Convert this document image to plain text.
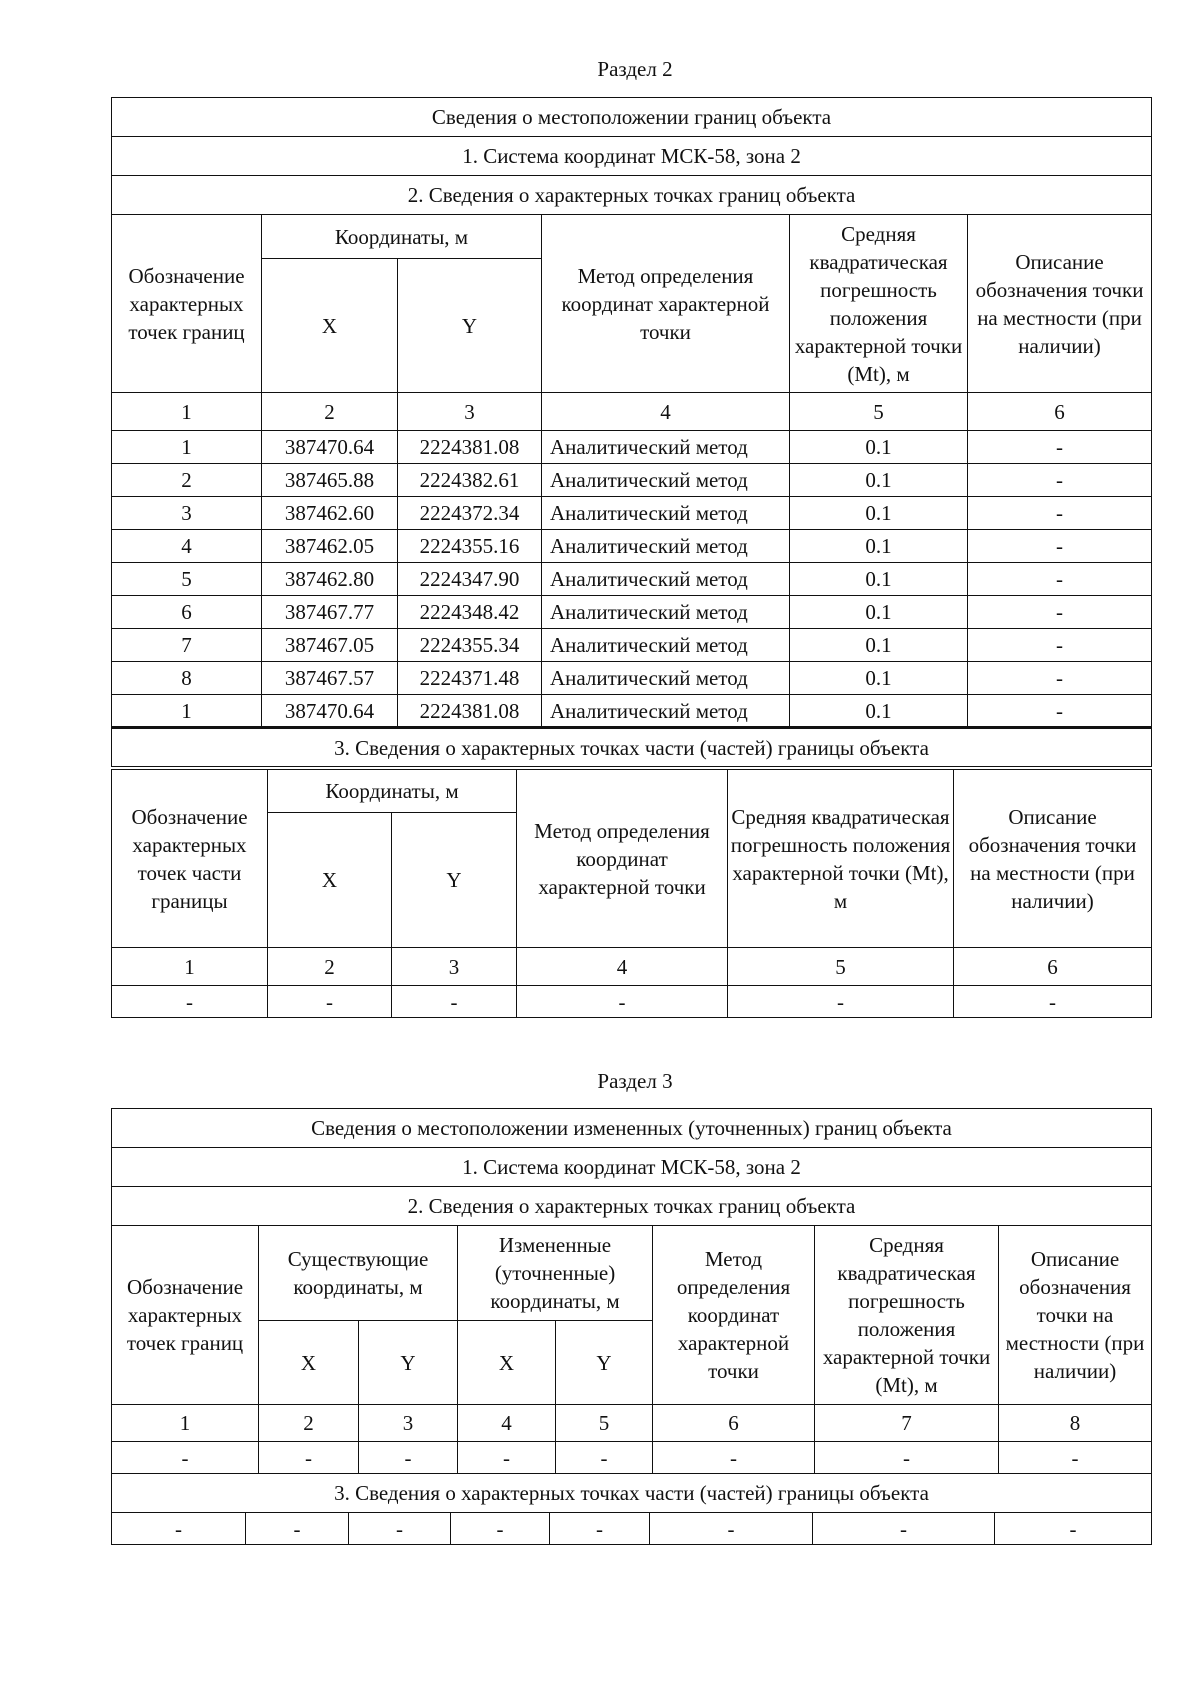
Раздел 2
Сведения о местоположении границ объекта					
1. Система координат МСК-58, зона 2					
2. Сведения о характерных точках границ объекта					
Обозначение характерных точек границ	Координаты, м		Метод определения координат характерной точки	Средняя квадратическая погрешность положения характерной точки (Mt), м	Описание обозначения точки на местности (при наличии)
	X	Y			
1	2	3	4	5	6
1	387470.64	2224381.08	Аналитический метод	0.1	-
2	387465.88	2224382.61	Аналитический метод	0.1	-
3	387462.60	2224372.34	Аналитический метод	0.1	-
4	387462.05	2224355.16	Аналитический метод	0.1	-
5	387462.80	2224347.90	Аналитический метод	0.1	-
6	387467.77	2224348.42	Аналитический метод	0.1	-
7	387467.05	2224355.34	Аналитический метод	0.1	-
8	387467.57	2224371.48	Аналитический метод	0.1	-
1	387470.64	2224381.08	Аналитический метод	0.1	-
3. Сведения о характерных точках части (частей) границы объекта					
Обозначение характерных точек части границы	Координаты, м		Метод определения координат характерной точки	Средняя квадратическая погрешность положения характерной точки (Mt), м	Описание обозначения точки на местности (при наличии)
	X	Y			
1	2	3	4	5	6
-	-	-	-	-	-
Раздел 3
Сведения о местоположении измененных (уточненных) границ объекта							
1. Система координат МСК-58, зона 2							
2. Сведения о характерных точках границ объекта							
Обозначение характерных точек границ	Существующие координаты, м		Измененные (уточненные) координаты, м		Метод определения координат характерной точки	Средняя квадратическая погрешность положения характерной точки (Mt), м	Описание обозначения точки на местности (при наличии)
	X	Y	X	Y			
1	2	3	4	5	6	7	8
-	-	-	-	-	-	-	-
3. Сведения о характерных точках части (частей) границы объекта							
-	-	-	-	-	-	-	-
